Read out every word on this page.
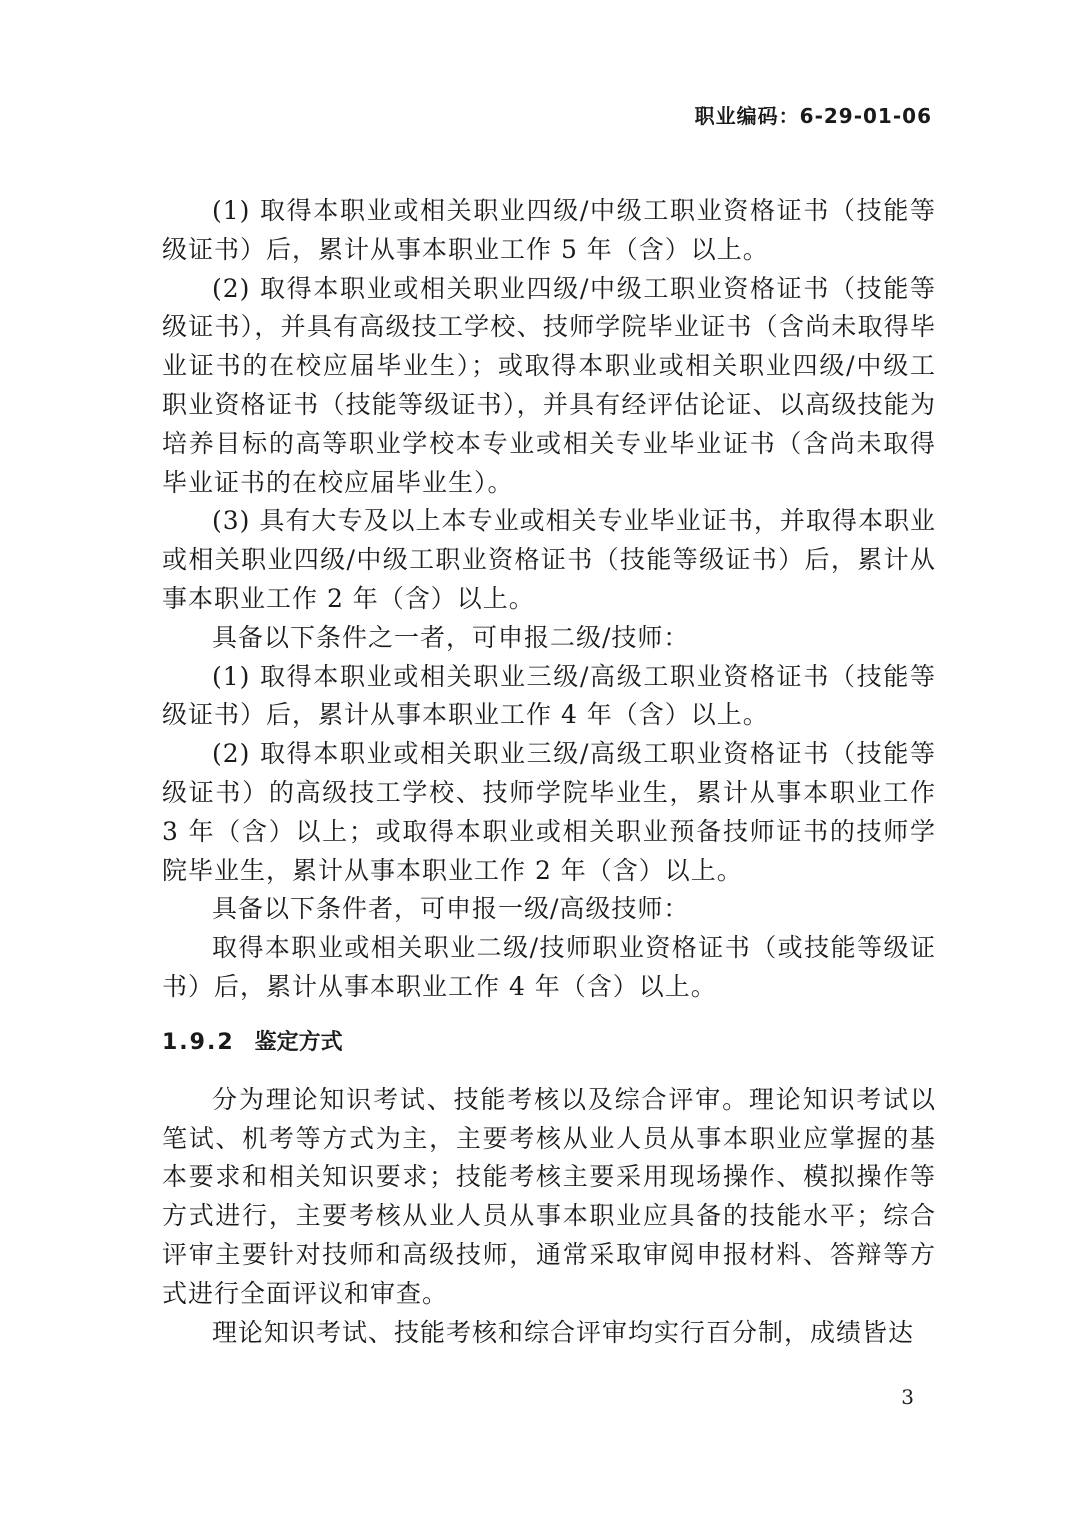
职业编码：6-29-01-06

(1) 取得本职业或相关职业四级/中级工职业资格证书（技能等级证书）后，累计从事本职业工作 5 年（含）以上。

(2) 取得本职业或相关职业四级/中级工职业资格证书（技能等级证书），并具有高级技工学校、技师学院毕业证书（含尚未取得毕业证书的在校应届毕业生）；或取得本职业或相关职业四级/中级工职业资格证书（技能等级证书），并具有经评估论证、以高级技能为培养目标的高等职业学校本专业或相关专业毕业证书（含尚未取得毕业证书的在校应届毕业生）。

(3) 具有大专及以上本专业或相关专业毕业证书，并取得本职业或相关职业四级/中级工职业资格证书（技能等级证书）后，累计从事本职业工作 2 年（含）以上。

具备以下条件之一者，可申报二级/技师：

(1) 取得本职业或相关职业三级/高级工职业资格证书（技能等级证书）后，累计从事本职业工作 4 年（含）以上。

(2) 取得本职业或相关职业三级/高级工职业资格证书（技能等级证书）的高级技工学校、技师学院毕业生，累计从事本职业工作 3 年（含）以上；或取得本职业或相关职业预备技师证书的技师学院毕业生，累计从事本职业工作 2 年（含）以上。

具备以下条件者，可申报一级/高级技师：

取得本职业或相关职业二级/技师职业资格证书（或技能等级证书）后，累计从事本职业工作 4 年（含）以上。

1.9.2 鉴定方式

分为理论知识考试、技能考核以及综合评审。理论知识考试以笔试、机考等方式为主，主要考核从业人员从事本职业应掌握的基本要求和相关知识要求；技能考核主要采用现场操作、模拟操作等方式进行，主要考核从业人员从事本职业应具备的技能水平；综合评审主要针对技师和高级技师，通常采取审阅申报材料、答辩等方式进行全面评议和审查。

理论知识考试、技能考核和综合评审均实行百分制，成绩皆达

3
